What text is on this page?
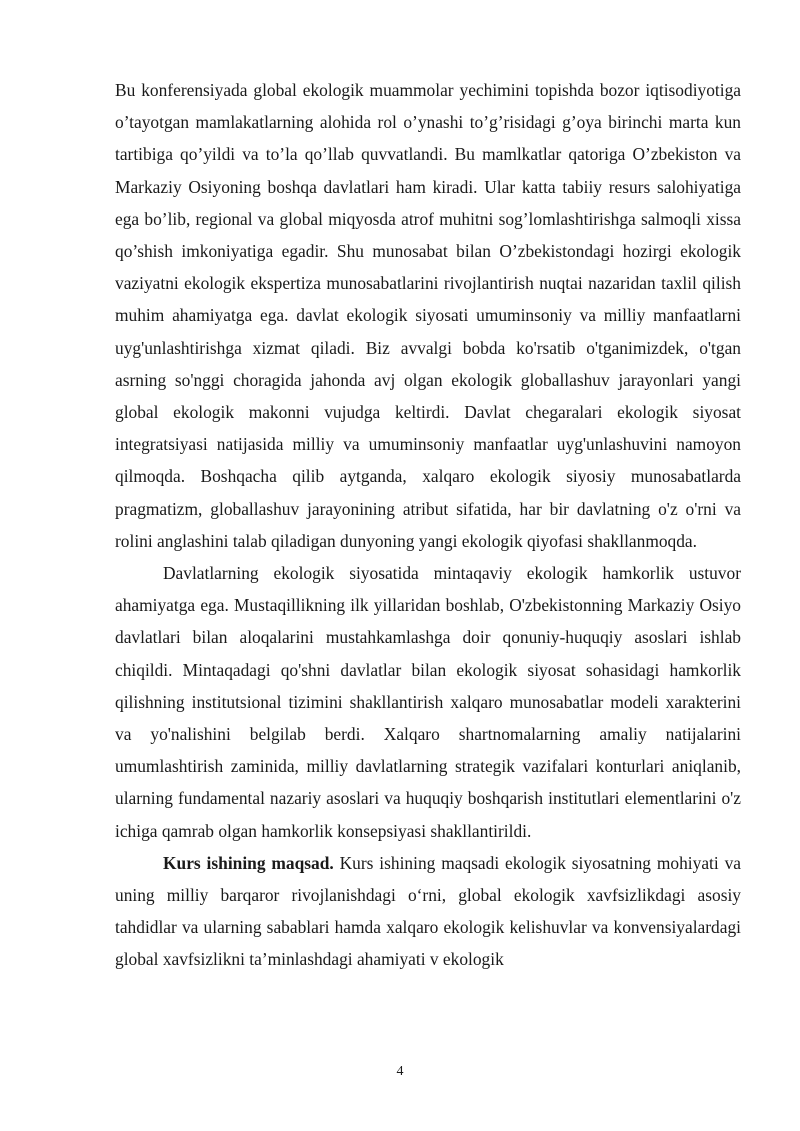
Bu konferensiyada global ekologik muammolar yechimini topishda bozor iqtisodiyotiga o’tayotgan mamlakatlarning alohida rol o’ynashi to’g’risidagi g’oya birinchi marta kun tartibiga qo’yildi va to’la qo’llab quvvatlandi. Bu mamlkatlar qatoriga O’zbekiston va Markaziy Osiyoning boshqa davlatlari ham kiradi. Ular katta tabiiy resurs salohiyatiga ega bo’lib, regional va global miqyosda atrof muhitni sog’lomlashtirishga salmoqli xissa qo’shish imkoniyatiga egadir. Shu munosabat bilan O’zbekistondagi hozirgi ekologik vaziyatni ekologik ekspertiza munosabatlarini rivojlantirish nuqtai nazaridan taxlil qilish muhim ahamiyatga ega. davlat ekologik siyosati umuminsoniy va milliy manfaatlarni uyg'unlashtirishga xizmat qiladi. Biz avvalgi bobda ko'rsatib o'tganimizdek, o'tgan asrning so'nggi choragida jahonda avj olgan ekologik globallashuv jarayonlari yangi global ekologik makonni vujudga keltirdi. Davlat chegaralari ekologik siyosat integratsiyasi natijasida milliy va umuminsoniy manfaatlar uyg'unlashuvini namoyon qilmoqda. Boshqacha qilib aytganda, xalqaro ekologik siyosiy munosabatlarda pragmatizm, globallashuv jarayonining atribut sifatida, har bir davlatning o'z o'rni va rolini anglashini talab qiladigan dunyoning yangi ekologik qiyofasi shakllanmoqda.

Davlatlarning ekologik siyosatida mintaqaviy ekologik hamkorlik ustuvor ahamiyatga ega. Mustaqillikning ilk yillaridan boshlab, O'zbekistonning Markaziy Osiyo davlatlari bilan aloqalarini mustahkamlashga doir qonuniy-huquqiy asoslari ishlab chiqildi. Mintaqadagi qo'shni davlatlar bilan ekologik siyosat sohasidagi hamkorlik qilishning institutsional tizimini shakllantirish xalqaro munosabatlar modeli xarakterini va yo'nalishini belgilab berdi. Xalqaro shartnomalarning amaliy natijalarini umumlashtirish zaminida, milliy davlatlarning strategik vazifalari konturlari aniqlanib, ularning fundamental nazariy asoslari va huquqiy boshqarish institutlari elementlarini o'z ichiga qamrab olgan hamkorlik konsepsiyasi shakllantirildi.

Kurs ishining maqsad. Kurs ishining maqsadi ekologik siyosatning mohiyati va uning milliy barqaror rivojlanishdagi o‘rni, global ekologik xavfsizlikdagi asosiy tahdidlar va ularning sabablari hamda xalqaro ekologik kelishuvlar va konvensiyalardagi global xavfsizlikni ta’minlashdagi ahamiyati v ekologik

4
